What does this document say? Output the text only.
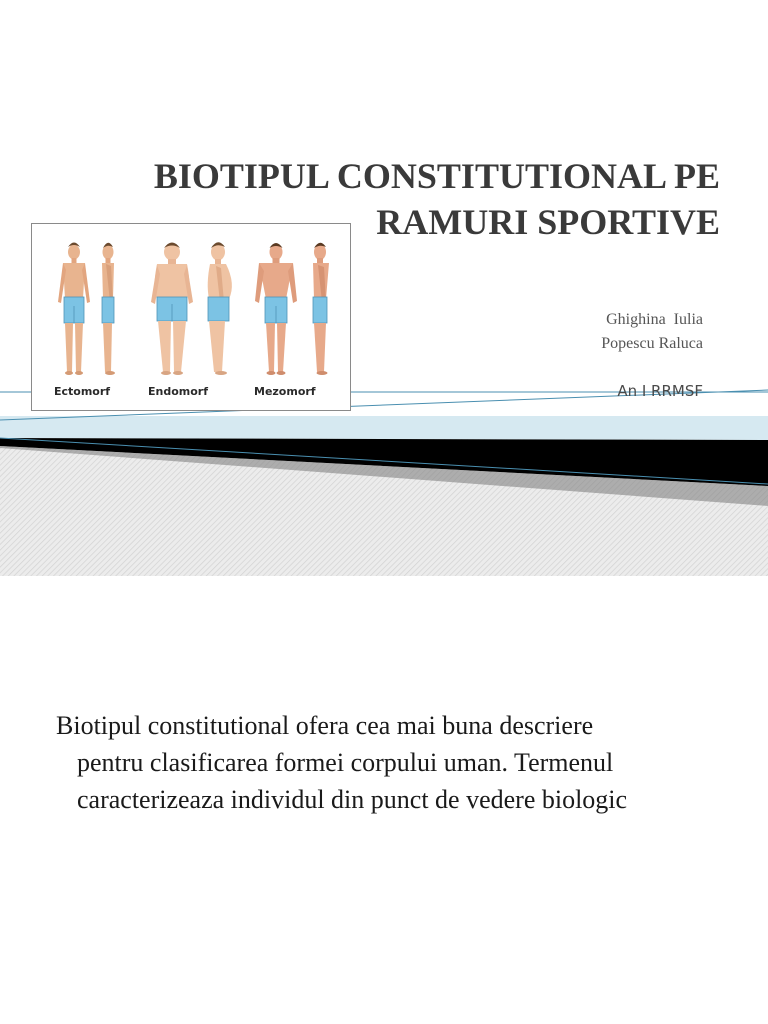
BIOTIPUL CONSTITUTIONAL PE
RAMURI SPORTIVE
Ghighina  Iulia
Popescu Raluca
An I RRMSF
Ectomorf	Endomorf	Mezomorf
Biotipul constitutional ofera cea mai buna descriere
pentru clasificarea formei corpului uman. Termenul
caracterizeaza individul din punct de vedere biologic
